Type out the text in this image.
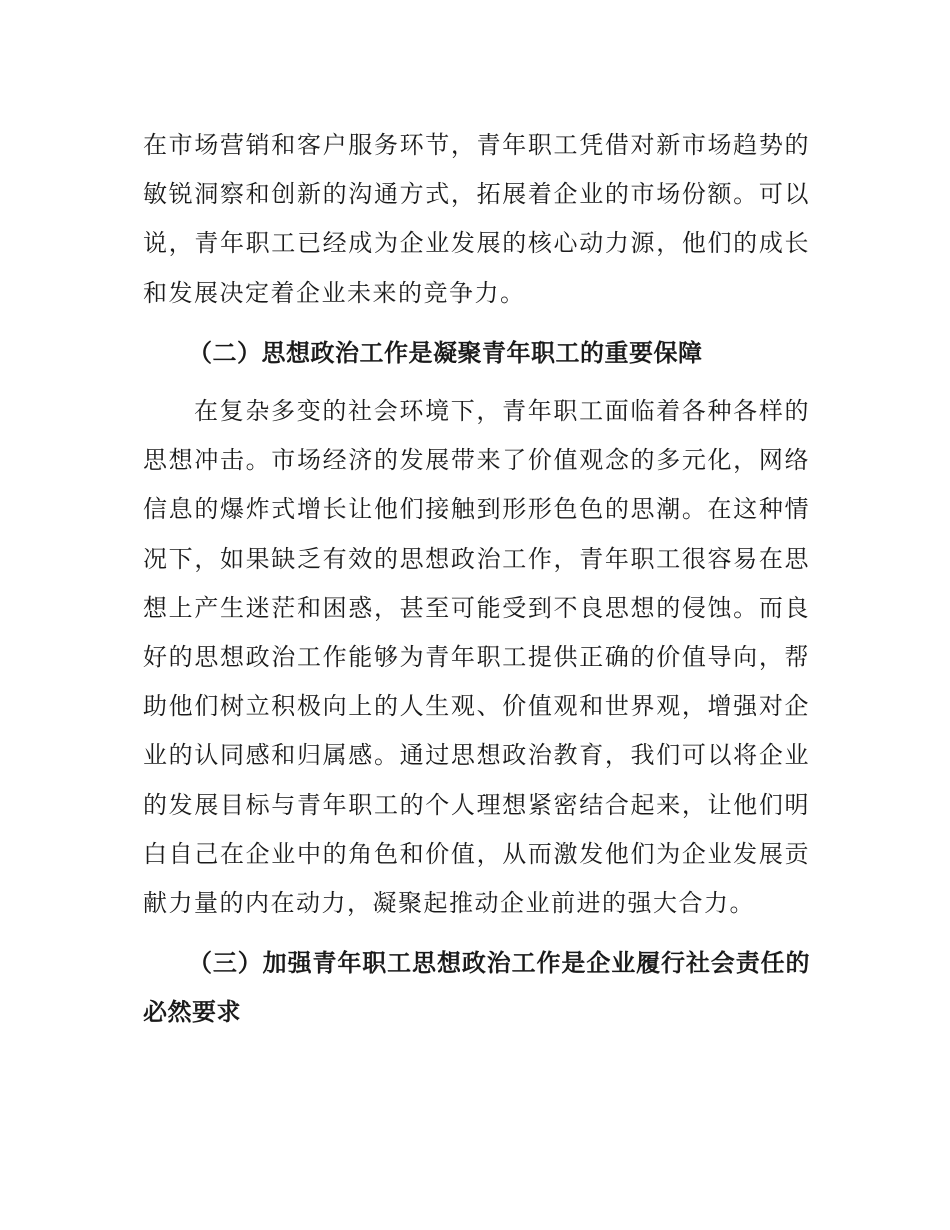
在市场营销和客户服务环节，青年职工凭借对新市场趋势的敏锐洞察和创新的沟通方式，拓展着企业的市场份额。可以说，青年职工已经成为企业发展的核心动力源，他们的成长和发展决定着企业未来的竞争力。

（二）思想政治工作是凝聚青年职工的重要保障

在复杂多变的社会环境下，青年职工面临着各种各样的思想冲击。市场经济的发展带来了价值观念的多元化，网络信息的爆炸式增长让他们接触到形形色色的思潮。在这种情况下，如果缺乏有效的思想政治工作，青年职工很容易在思想上产生迷茫和困惑，甚至可能受到不良思想的侵蚀。而良好的思想政治工作能够为青年职工提供正确的价值导向，帮助他们树立积极向上的人生观、价值观和世界观，增强对企业的认同感和归属感。通过思想政治教育，我们可以将企业的发展目标与青年职工的个人理想紧密结合起来，让他们明白自己在企业中的角色和价值，从而激发他们为企业发展贡献力量的内在动力，凝聚起推动企业前进的强大合力。

（三）加强青年职工思想政治工作是企业履行社会责任的必然要求
